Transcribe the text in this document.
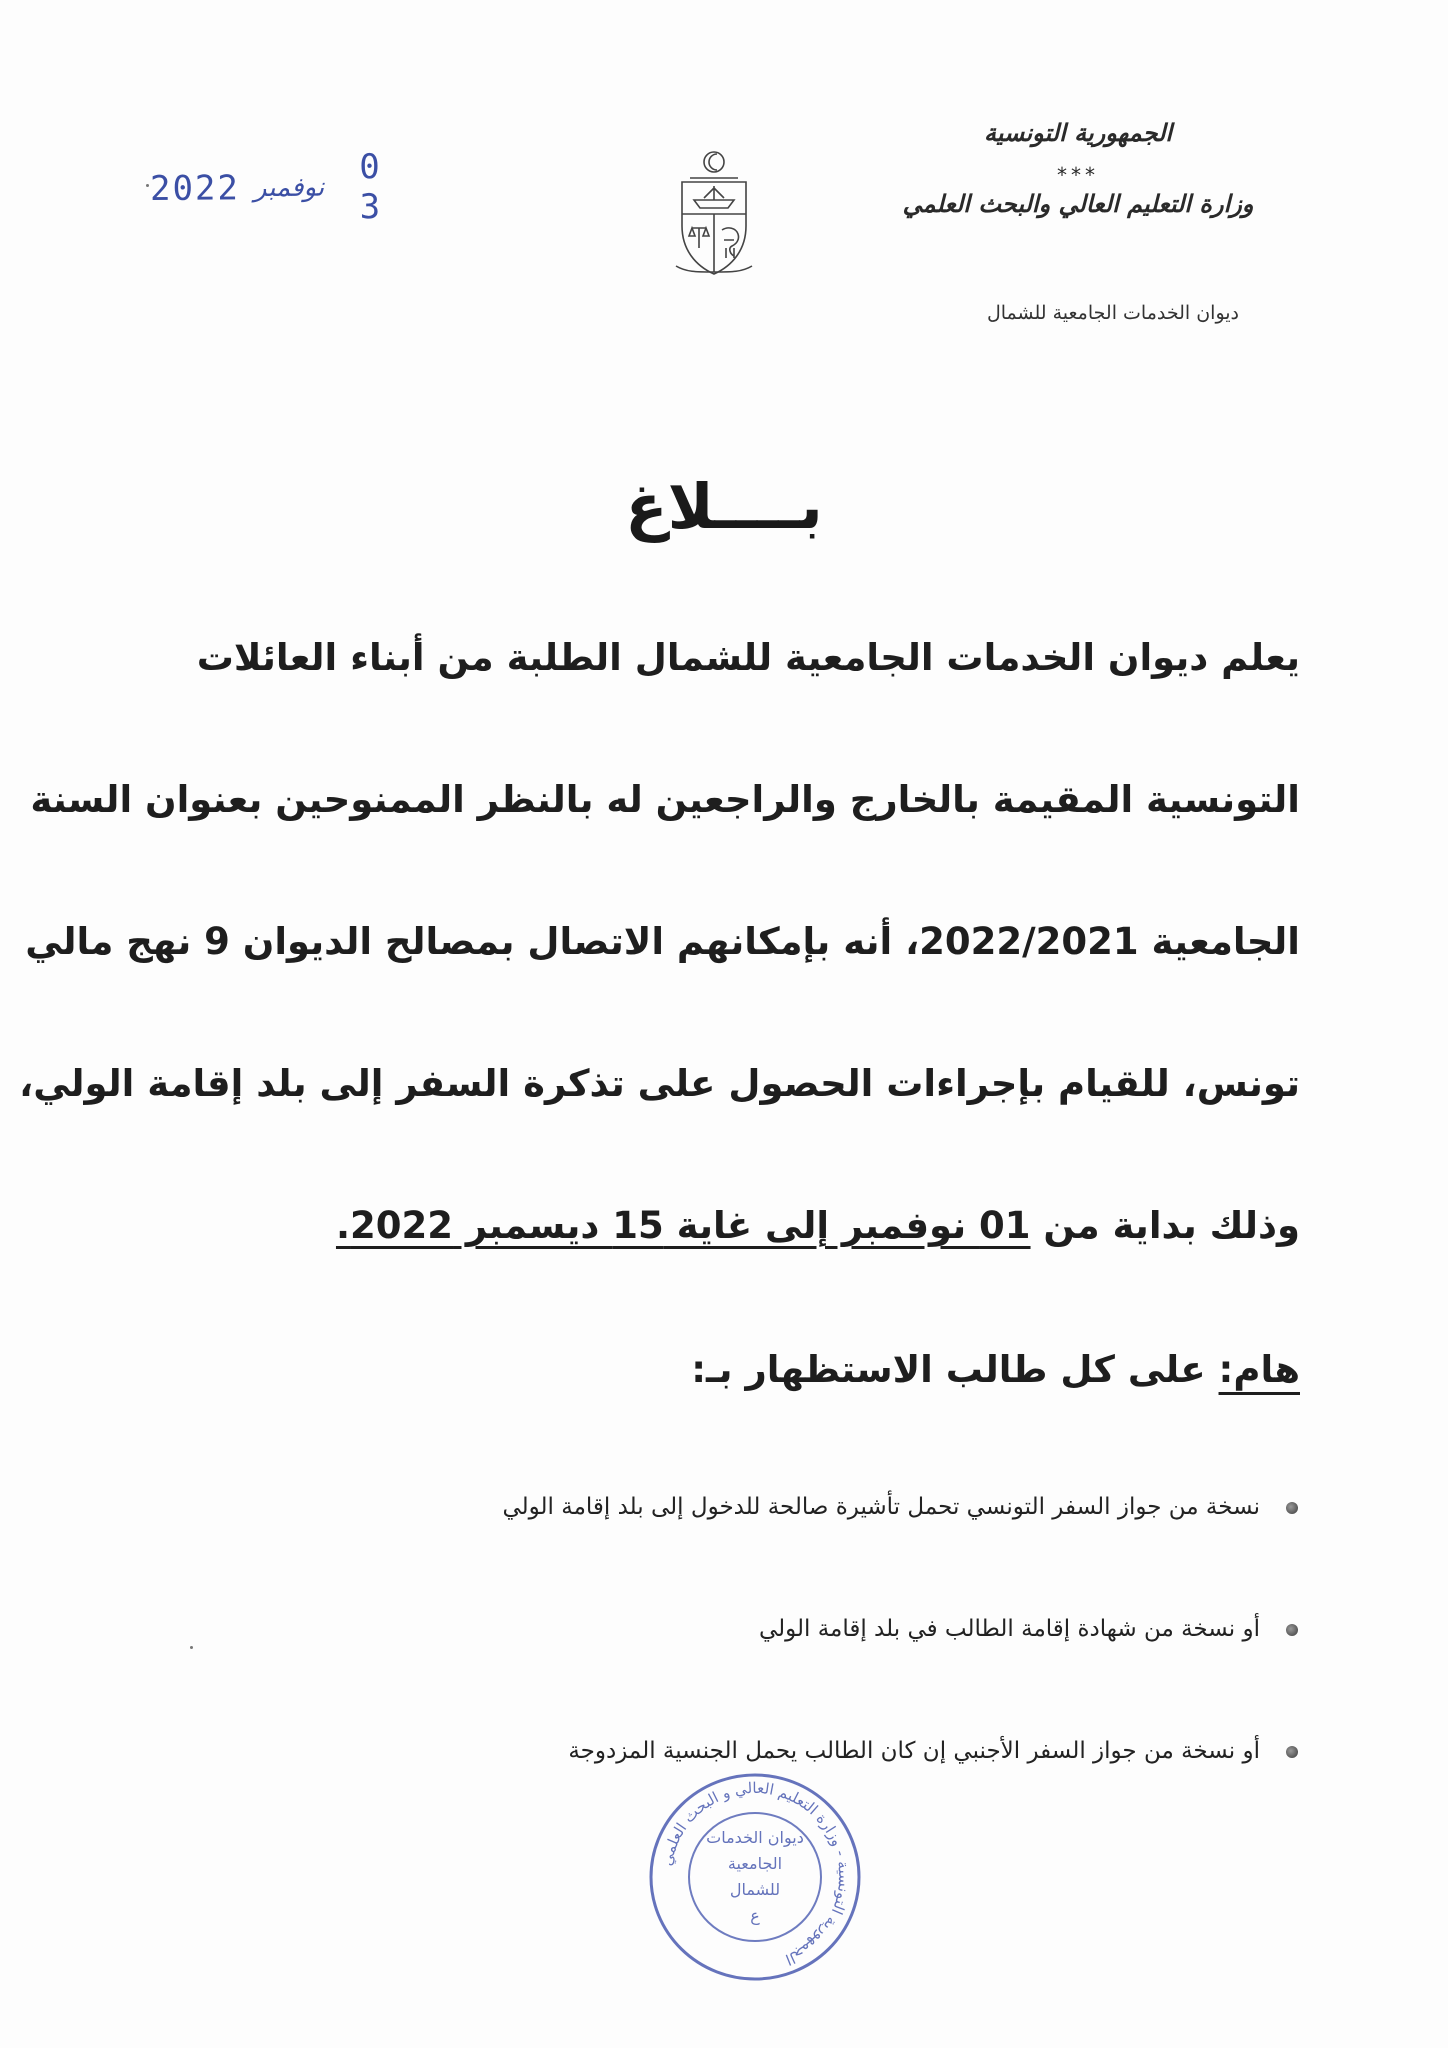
الجمهورية التونسية
***
وزارة التعليم العالي والبحث العلمي
ديوان الخدمات الجامعية للشمال
0 3
نوفمبر
2022
بــــلاغ
يعلم ديوان الخدمات الجامعية للشمال الطلبة من أبناء العائلات
التونسية المقيمة بالخارج والراجعين له بالنظر الممنوحين بعنوان السنة
الجامعية 2022/2021، أنه بإمكانهم الاتصال بمصالح الديوان 9 نهج مالي
تونس، للقيام بإجراءات الحصول على تذكرة السفر إلى بلد إقامة الولي،
وذلك بداية من 01 نوفمبر إلى غاية 15 ديسمبر 2022.
هام: على كل طالب الاستظهار بـ:
نسخة من جواز السفر التونسي تحمل تأشيرة صالحة للدخول إلى بلد إقامة الولي
أو نسخة من شهادة إقامة الطالب في بلد إقامة الولي
أو نسخة من جواز السفر الأجنبي إن كان الطالب يحمل الجنسية المزدوجة
الجمهورية التونسية - وزارة التعليم العالي و البحث العلمي
ديوان الخدمات
الجامعية
للشمال
ع
